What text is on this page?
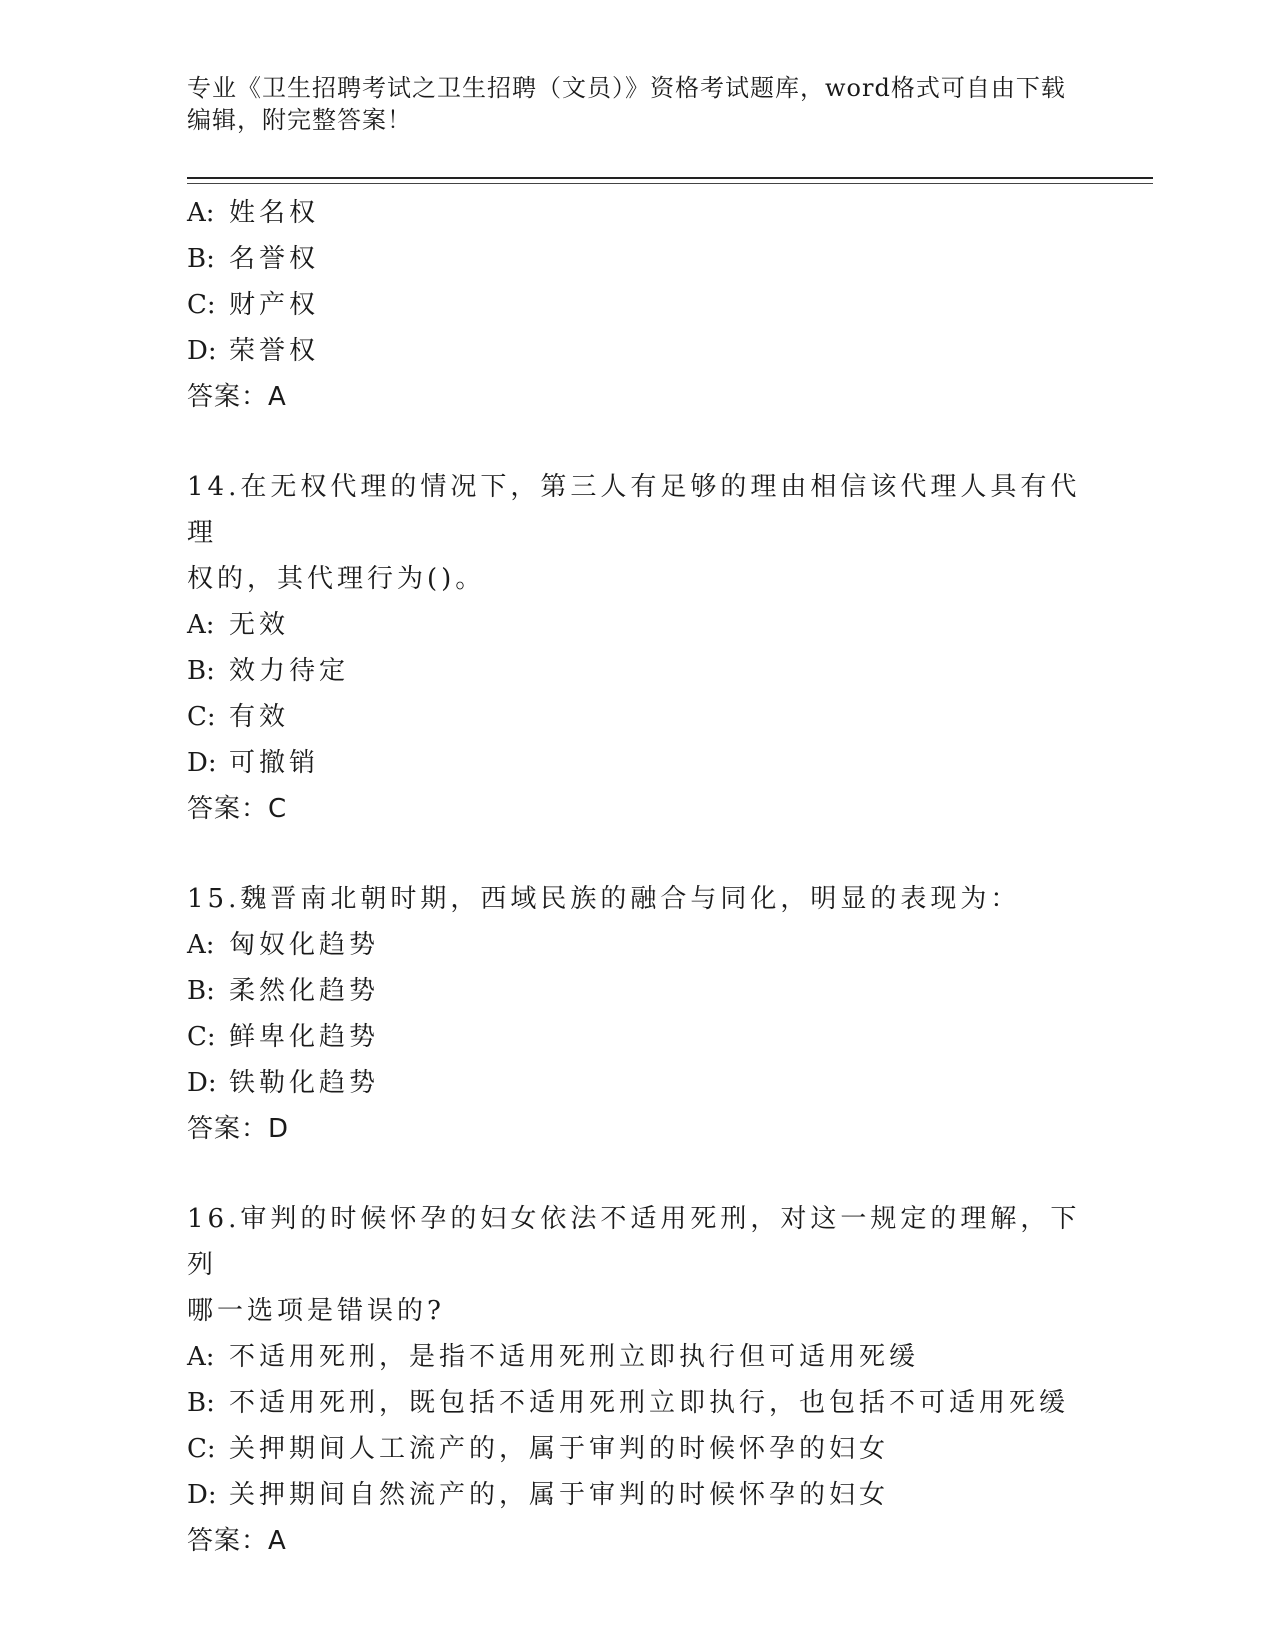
专业《卫生招聘考试之卫生招聘（文员）》资格考试题库，word格式可自由下载
编辑，附完整答案！
A: 姓名权
B: 名誉权
C: 财产权
D: 荣誉权
答案：A
14.在无权代理的情况下，第三人有足够的理由相信该代理人具有代理
权的，其代理行为()。
A: 无效
B: 效力待定
C: 有效
D: 可撤销
答案：C
15.魏晋南北朝时期，西域民族的融合与同化，明显的表现为：
A: 匈奴化趋势
B: 柔然化趋势
C: 鲜卑化趋势
D: 铁勒化趋势
答案：D
16.审判的时候怀孕的妇女依法不适用死刑，对这一规定的理解，下列
哪一选项是错误的?
A: 不适用死刑，是指不适用死刑立即执行但可适用死缓
B: 不适用死刑，既包括不适用死刑立即执行，也包括不可适用死缓
C: 关押期间人工流产的，属于审判的时候怀孕的妇女
D: 关押期间自然流产的，属于审判的时候怀孕的妇女
答案：A
